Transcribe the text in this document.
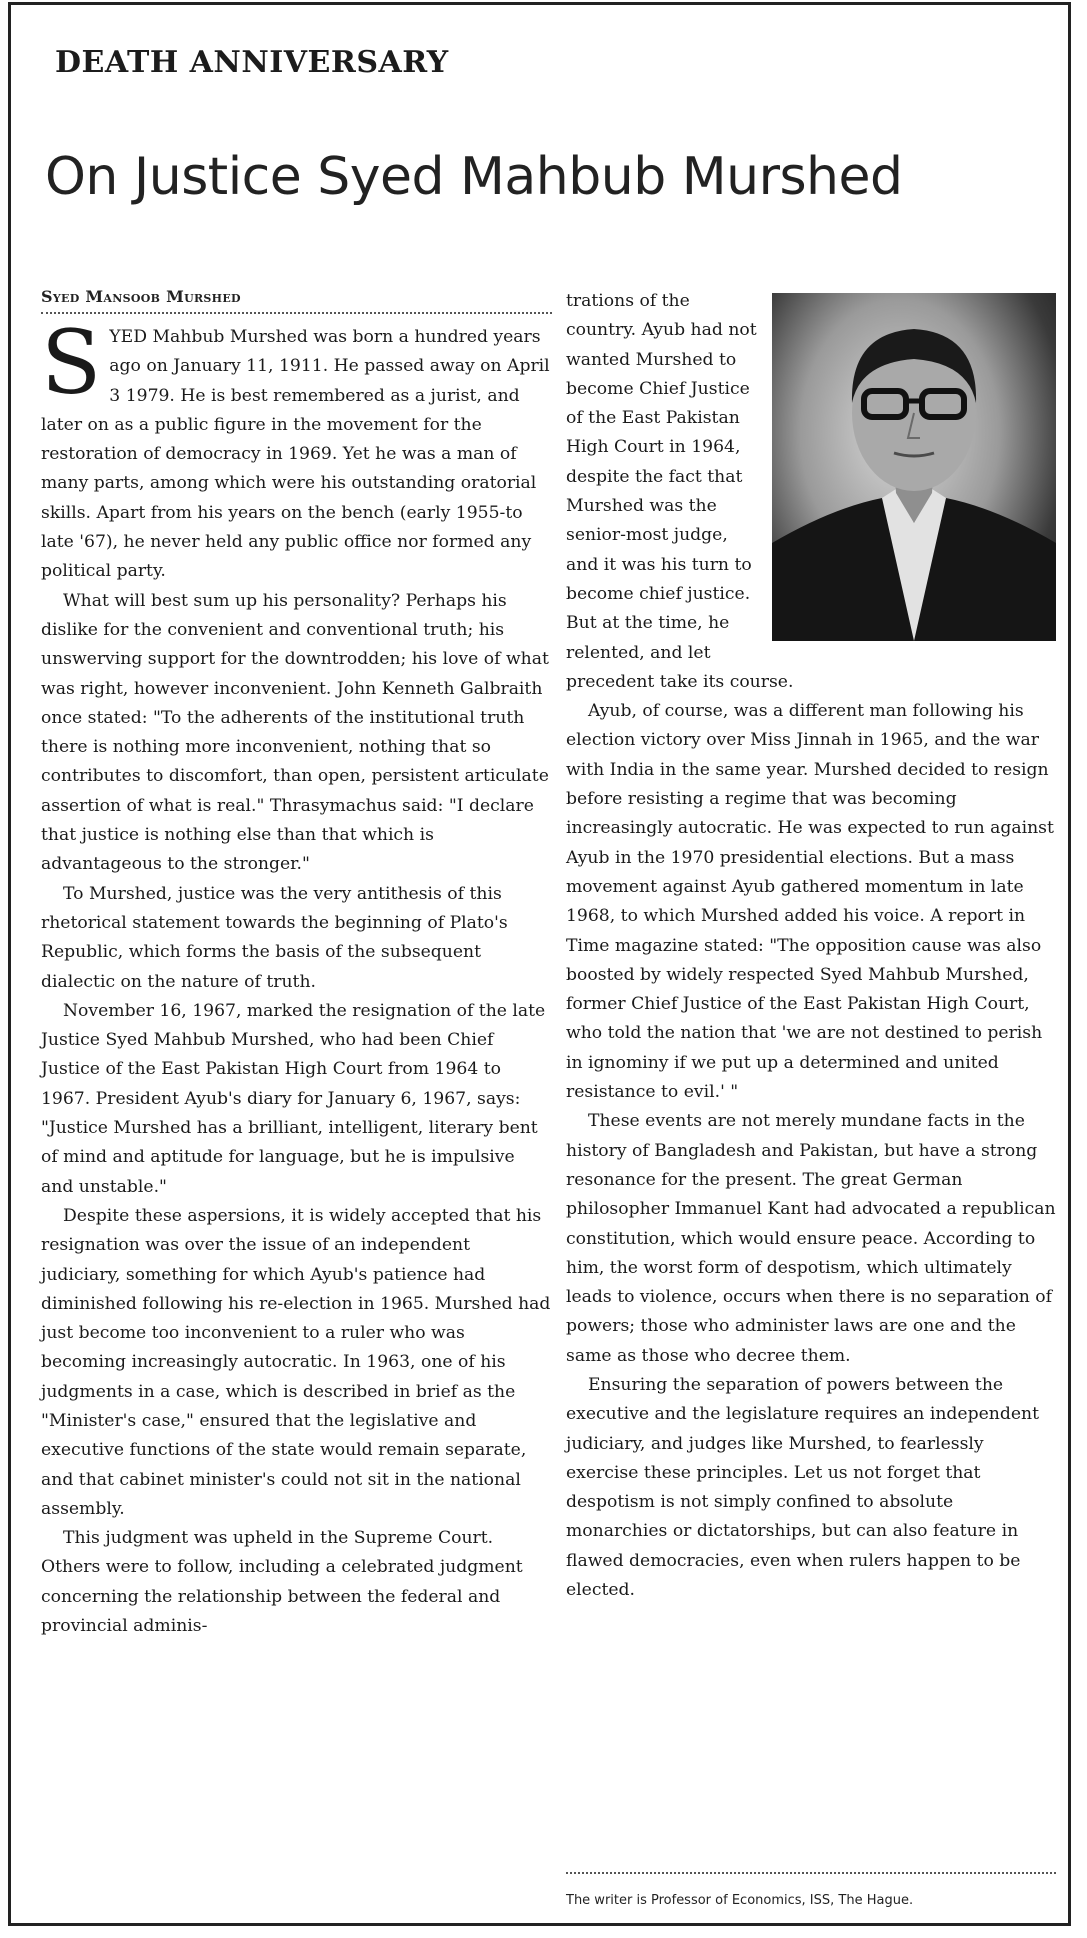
DEATH ANNIVERSARY
On Justice Syed Mahbub Murshed
Syed Mansoob Murshed

SYED Mahbub Murshed was born a hundred years ago on January 11, 1911. He passed away on April 3 1979. He is best remembered as a jurist, and later on as a public figure in the movement for the restoration of democracy in 1969. Yet he was a man of many parts, among which were his outstanding oratorial skills. Apart from his years on the bench (early 1955-to late '67), he never held any public office nor formed any political party.

What will best sum up his personality? Perhaps his dislike for the convenient and conventional truth; his unswerving support for the downtrodden; his love of what was right, however inconvenient. John Kenneth Galbraith once stated: "To the adherents of the institutional truth there is nothing more inconvenient, nothing that so contributes to discomfort, than open, persistent articulate assertion of what is real." Thrasymachus said: "I declare that justice is nothing else than that which is advantageous to the stronger."

To Murshed, justice was the very antithesis of this rhetorical statement towards the beginning of Plato's Republic, which forms the basis of the subsequent dialectic on the nature of truth.

November 16, 1967, marked the resignation of the late Justice Syed Mahbub Murshed, who had been Chief Justice of the East Pakistan High Court from 1964 to 1967. President Ayub's diary for January 6, 1967, says: "Justice Murshed has a brilliant, intelligent, literary bent of mind and aptitude for language, but he is impulsive and unstable."

Despite these aspersions, it is widely accepted that his resignation was over the issue of an independent judiciary, something for which Ayub's patience had diminished following his re-election in 1965. Murshed had just become too inconvenient to a ruler who was becoming increasingly autocratic. In 1963, one of his judgments in a case, which is described in brief as the "Minister's case," ensured that the legislative and executive functions of the state would remain separate, and that cabinet minister's could not sit in the national assembly.

This judgment was upheld in the Supreme Court. Others were to follow, including a celebrated judgment concerning the relationship between the federal and provincial adminis-

trations of the country. Ayub had not wanted Murshed to become Chief Justice of the East Pakistan High Court in 1964, despite the fact that Murshed was the senior-most judge, and it was his turn to become chief justice. But at the time, he relented, and let precedent take its course.

Ayub, of course, was a different man following his election victory over Miss Jinnah in 1965, and the war with India in the same year. Murshed decided to resign before resisting a regime that was becoming increasingly autocratic. He was expected to run against Ayub in the 1970 presidential elections. But a mass movement against Ayub gathered momentum in late 1968, to which Murshed added his voice. A report in Time magazine stated: "The opposition cause was also boosted by widely respected Syed Mahbub Murshed, former Chief Justice of the East Pakistan High Court, who told the nation that 'we are not destined to perish in ignominy if we put up a determined and united resistance to evil.' "

These events are not merely mundane facts in the history of Bangladesh and Pakistan, but have a strong resonance for the present. The great German philosopher Immanuel Kant had advocated a republican constitution, which would ensure peace. According to him, the worst form of despotism, which ultimately leads to violence, occurs when there is no separation of powers; those who administer laws are one and the same as those who decree them.

Ensuring the separation of powers between the executive and the legislature requires an independent judiciary, and judges like Murshed, to fearlessly exercise these principles. Let us not forget that despotism is not simply confined to absolute monarchies or dictatorships, but can also feature in flawed democracies, even when rulers happen to be elected.

The writer is Professor of Economics, ISS, The Hague.
